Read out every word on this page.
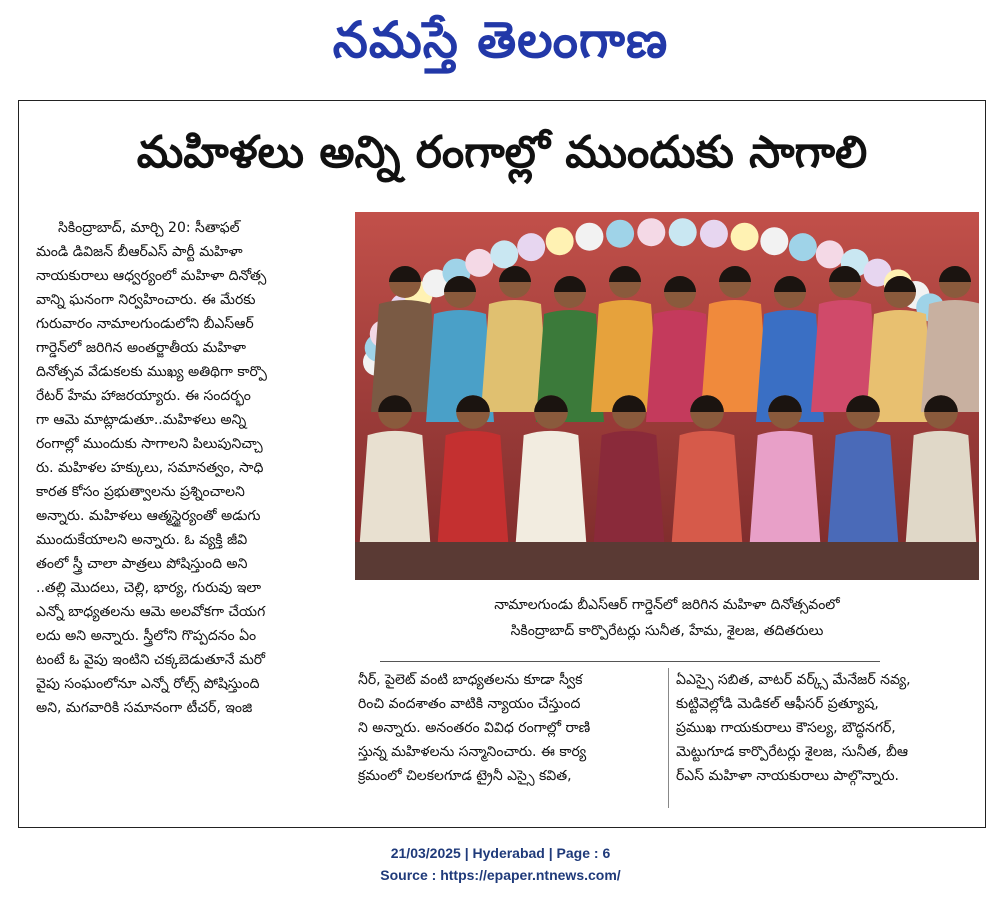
నమస్తే తెలంగాణ
మహిళలు అన్ని రంగాల్లో ముందుకు సాగాలి
సికింద్రాబాద్, మార్చి 20: సీతాఫల్
మండి డివిజన్ బీఆర్ఎస్ పార్టీ మహిళా
నాయకురాలు ఆధ్వర్యంలో మహిళా దినోత్స
వాన్ని ఘనంగా నిర్వహించారు. ఈ మేరకు
గురువారం నామాలగుండులోని బీఎస్ఆర్
గార్డెన్‌లో జరిగిన అంతర్జాతీయ మహిళా
దినోత్సవ వేడుకలకు ముఖ్య అతిథిగా కార్పొ
రేటర్ హేమ హాజరయ్యారు. ఈ సందర్భం
గా ఆమె మాట్లాడుతూ..మహిళలు అన్ని
రంగాల్లో ముందుకు సాగాలని పిలుపునిచ్చా
రు. మహిళల హక్కులు, సమానత్వం, సాధి
కారత కోసం ప్రభుత్వాలను ప్రశ్నించాలని
అన్నారు. మహిళలు ఆత్మస్థైర్యంతో అడుగు
ముందుకేయాలని అన్నారు. ఓ వ్యక్తి జీవి
తంలో స్త్రీ చాలా పాత్రలు పోషిస్తుంది అని
..తల్లి మొదలు, చెల్లి, భార్య, గురువు ఇలా
ఎన్నో బాధ్యతలను ఆమె అలవోకగా చేయగ
లదు అని అన్నారు. స్త్రీలోని గొప్పదనం ఏం
టంటే ఓ వైపు ఇంటిని చక్కబెడుతూనే మరో
వైపు సంఘంలోనూ ఎన్నో రోల్స్ పోషిస్తుంది
అని, మగవారికి సమానంగా టీచర్, ఇంజి
నామాలగుండు బీఎస్ఆర్ గార్డెన్‌లో జరిగిన మహిళా దినోత్సవంలో
సికింద్రాబాద్ కార్పొరేటర్లు సునీత, హేమ, శైలజ, తదితరులు
నీర్, పైలెట్ వంటి బాధ్యతలను కూడా స్వీక
రించి వందశాతం వాటికి న్యాయం చేస్తుంద
ని అన్నారు. అనంతరం వివిధ రంగాల్లో రాణి
స్తున్న మహిళలను సన్మానించారు. ఈ కార్య
క్రమంలో చిలకలగూడ ట్రైనీ ఎస్సై కవిత,
ఏఎస్సై సబిత, వాటర్ వర్క్స్ మేనేజర్ నవ్య,
కుట్టివెల్లోడి మెడికల్ ఆఫీసర్ ప్రత్యూష,
ప్రముఖ గాయకురాలు కౌసల్య, బౌద్ధనగర్,
మెట్టుగూడ కార్పొరేటర్లు శైలజ, సునీత, బీఆ
ర్ఎస్ మహిళా నాయకురాలు పాల్గొన్నారు.
21/03/2025 | Hyderabad | Page : 6
Source : https://epaper.ntnews.com/
